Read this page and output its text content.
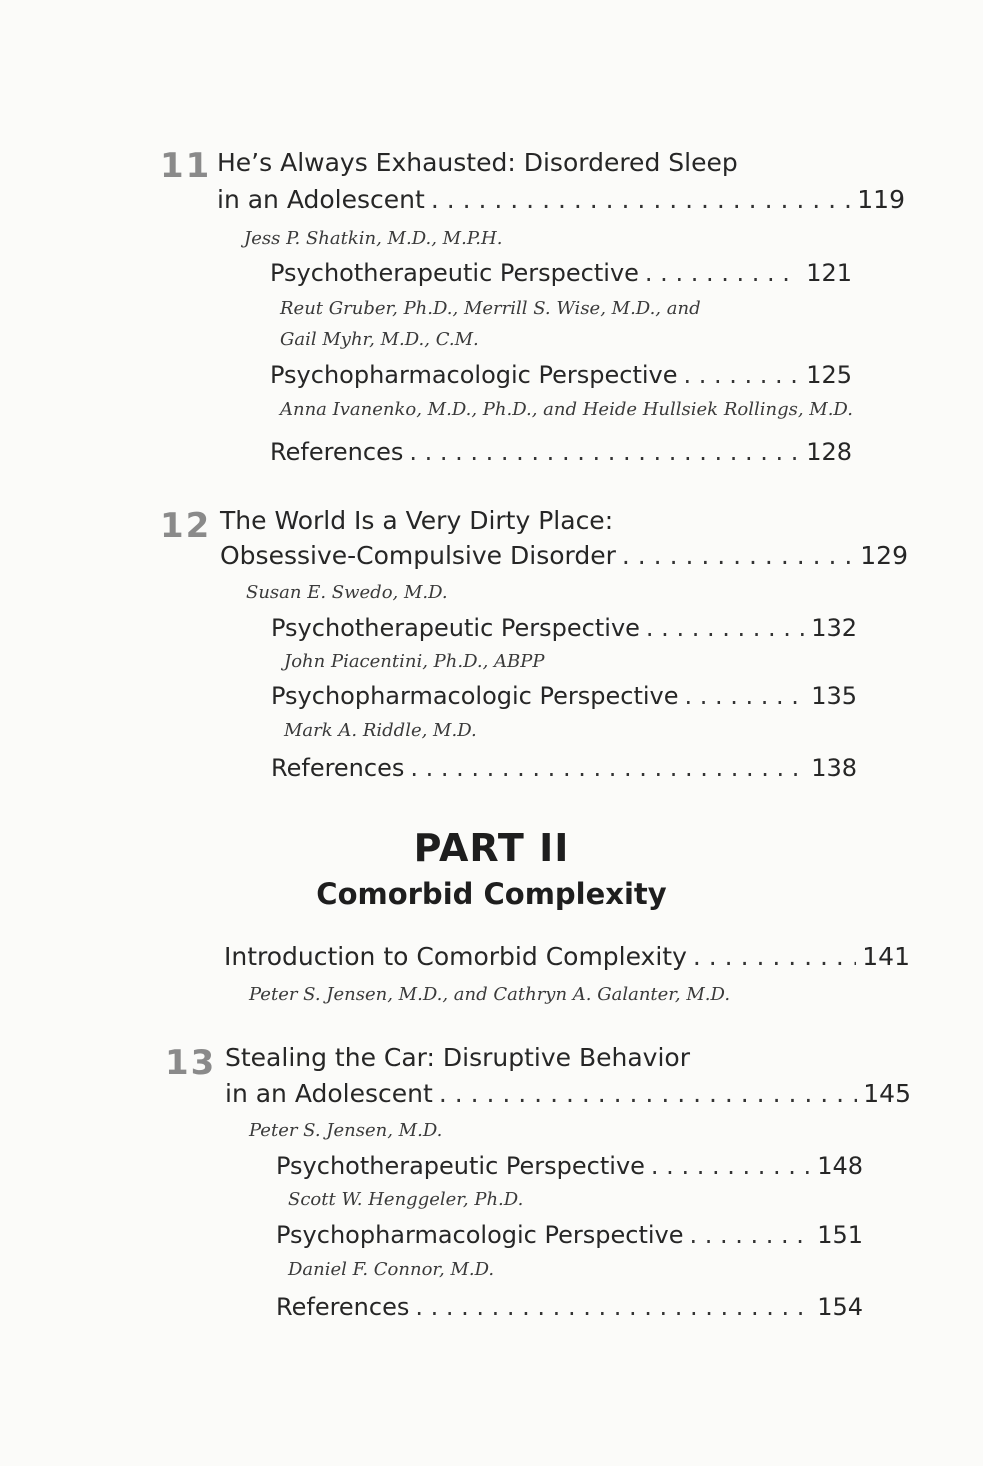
11 He’s Always Exhausted: Disordered Sleep
in an Adolescent . . .	119
Jess P. Shatkin, M.D., M.P.H.
Psychotherapeutic Perspective . . .	121
Reut Gruber, Ph.D., Merrill S. Wise, M.D., and
Gail Myhr, M.D., C.M.
Psychopharmacologic Perspective . . .	125
Anna Ivanenko, M.D., Ph.D., and Heide Hullsiek Rollings, M.D.
References . . .	128
12 The World Is a Very Dirty Place:
Obsessive-Compulsive Disorder . . .	129
Susan E. Swedo, M.D.
Psychotherapeutic Perspective . . .	132
John Piacentini, Ph.D., ABPP
Psychopharmacologic Perspective . . .	135
Mark A. Riddle, M.D.
References . . .	138
PART II
Comorbid Complexity
Introduction to Comorbid Complexity . . .	141
Peter S. Jensen, M.D., and Cathryn A. Galanter, M.D.
13 Stealing the Car: Disruptive Behavior
in an Adolescent . . .	145
Peter S. Jensen, M.D.
Psychotherapeutic Perspective . . .	148
Scott W. Henggeler, Ph.D.
Psychopharmacologic Perspective . . .	151
Daniel F. Connor, M.D.
References . . .	154
